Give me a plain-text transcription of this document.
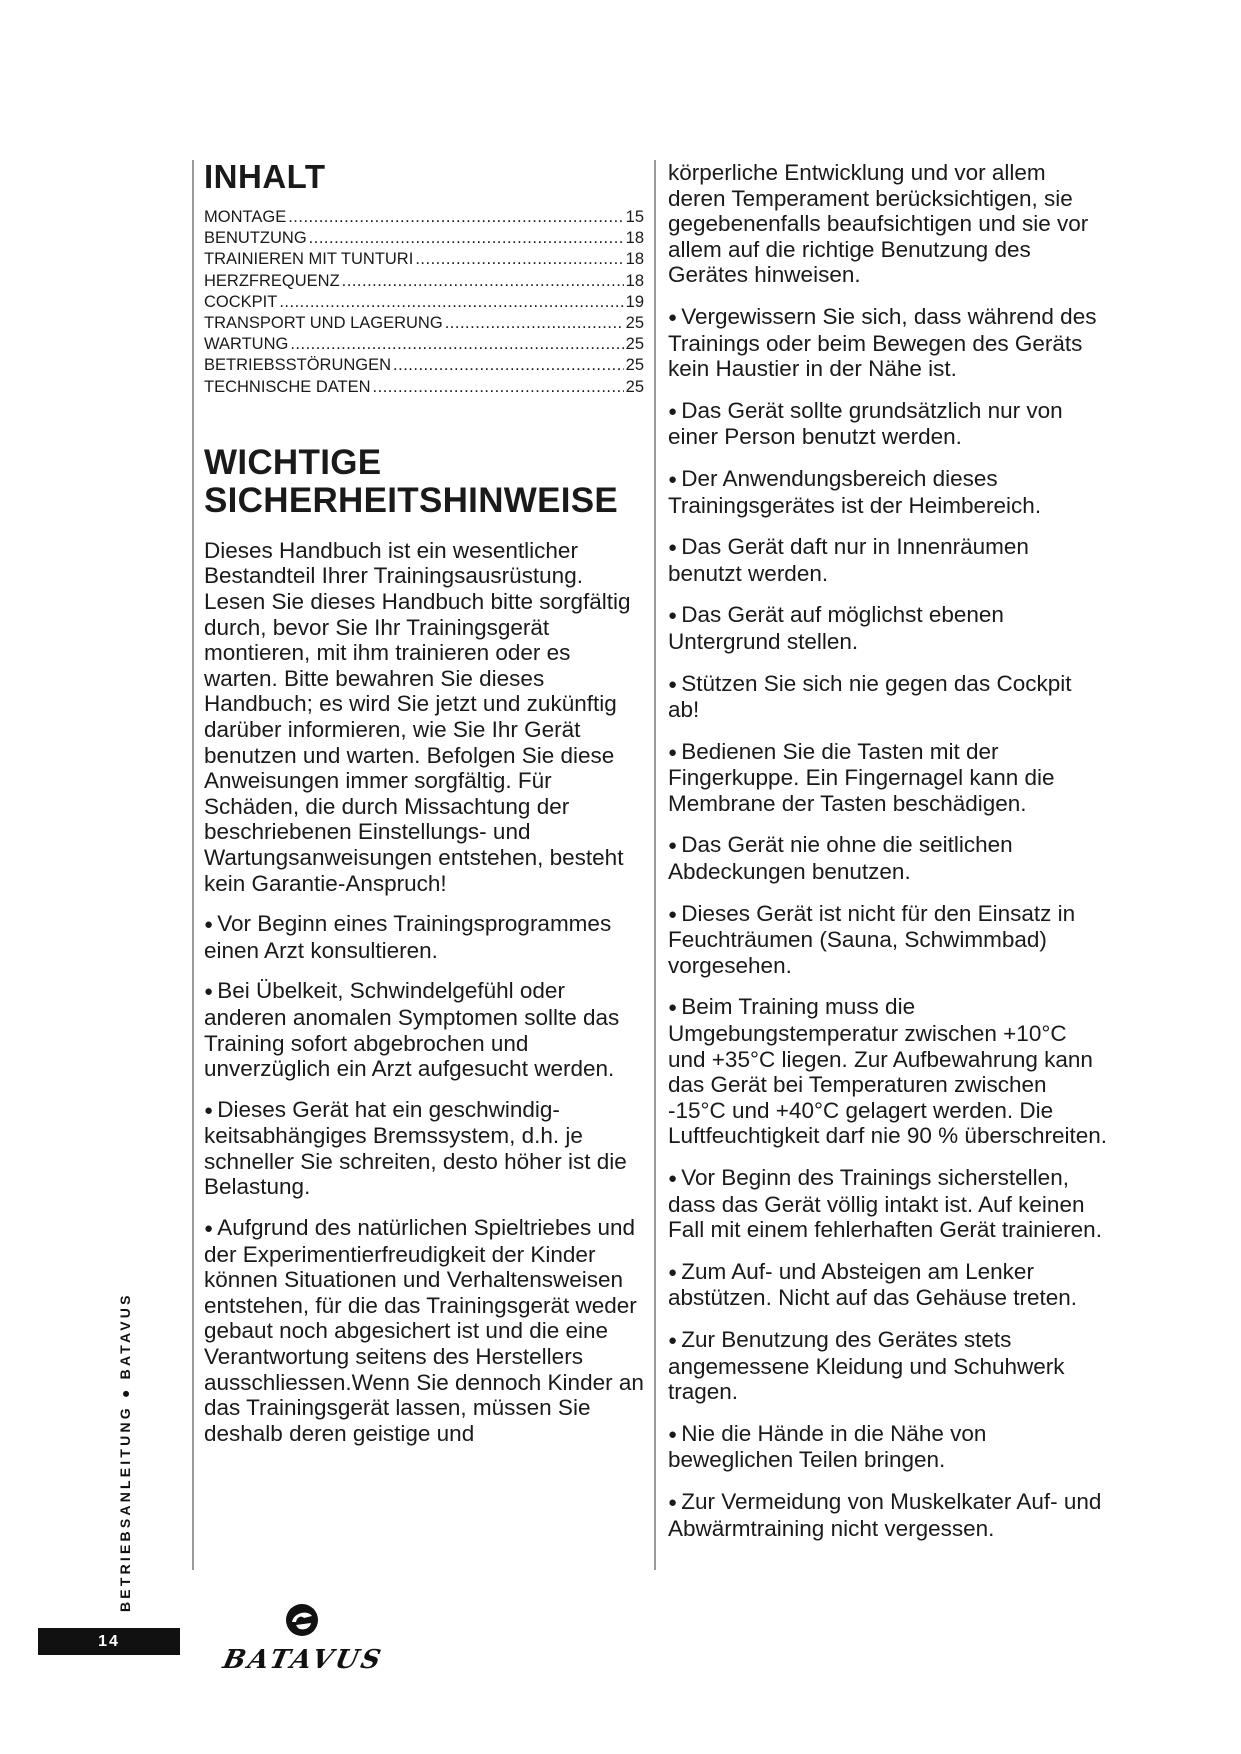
INHALT
MONTAGE .....	15
BENUTZUNG .....	18
TRAINIEREN MIT TUNTURI .....	18
HERZFREQUENZ .....	18
COCKPIT .....	19
TRANSPORT UND LAGERUNG .....	25
WARTUNG .....	25
BETRIEBSSTÖRUNGEN .....	25
TECHNISCHE DATEN .....	25
WICHTIGE
SICHERHEITSHINWEISE

Dieses Handbuch ist ein wesentlicher Bestandteil Ihrer Trainingsausrüstung. Lesen Sie dieses Handbuch bitte sorgfältig durch, bevor Sie Ihr Trainingsgerät montieren, mit ihm trainieren oder es warten. Bitte bewahren Sie dieses Handbuch; es wird Sie jetzt und zukünftig darüber informieren, wie Sie Ihr Gerät benutzen und warten. Befolgen Sie diese Anweisungen immer sorgfältig. Für Schäden, die durch Missachtung der beschriebenen Einstellungs- und Wartungsanweisungen entstehen, besteht kein Garantie-Anspruch!

● Vor Beginn eines Trainingsprogrammes einen Arzt konsultieren.

● Bei Übelkeit, Schwindelgefühl oder anderen anomalen Symptomen sollte das Training sofort abgebrochen und unverzüglich ein Arzt aufgesucht werden.

● Dieses Gerät hat ein geschwindig-keitsabhängiges Bremssystem, d.h. je schneller Sie schreiten, desto höher ist die Belastung.

● Aufgrund des natürlichen Spieltriebes und der Experimentierfreudigkeit der Kinder können Situationen und Verhaltensweisen entstehen, für die das Trainingsgerät weder gebaut noch abgesichert ist und die eine Verantwortung seitens des Herstellers ausschliessen.Wenn Sie dennoch Kinder an das Trainingsgerät lassen, müssen Sie deshalb deren geistige und

körperliche Entwicklung und vor allem deren Temperament berücksichtigen, sie gegebenenfalls beaufsichtigen und sie vor allem auf die richtige Benutzung des Gerätes hinweisen.

● Vergewissern Sie sich, dass während des Trainings oder beim Bewegen des Geräts kein Haustier in der Nähe ist.

● Das Gerät sollte grundsätzlich nur von einer Person benutzt werden.

● Der Anwendungsbereich dieses Trainingsgerätes ist der Heimbereich.

● Das Gerät daft nur in Innenräumen benutzt werden.

● Das Gerät auf möglichst ebenen Untergrund stellen.

● Stützen Sie sich nie gegen das Cockpit ab!

● Bedienen Sie die Tasten mit der Fingerkuppe. Ein Fingernagel kann die Membrane der Tasten beschädigen.

● Das Gerät nie ohne die seitlichen Abdeckungen benutzen.

● Dieses Gerät ist nicht für den Einsatz in Feuchträumen (Sauna, Schwimmbad) vorgesehen.

● Beim Training muss die Umgebungstemperatur zwischen +10°C und +35°C liegen. Zur Aufbewahrung kann das Gerät bei Temperaturen zwischen -15°C und +40°C gelagert werden. Die Luftfeuchtigkeit darf nie 90 % überschreiten.

● Vor Beginn des Trainings sicherstellen, dass das Gerät völlig intakt ist. Auf keinen Fall mit einem fehlerhaften Gerät trainieren.

● Zum Auf- und Absteigen am Lenker abstützen. Nicht auf das Gehäuse treten.

● Zur Benutzung des Gerätes stets angemessene Kleidung und Schuhwerk tragen.

● Nie die Hände in die Nähe von beweglichen Teilen bringen.

● Zur Vermeidung von Muskelkater Auf- und Abwärmtraining nicht vergessen.

BETRIEBSANLEITUNG ● BATAVUS
14
BATAVUS
